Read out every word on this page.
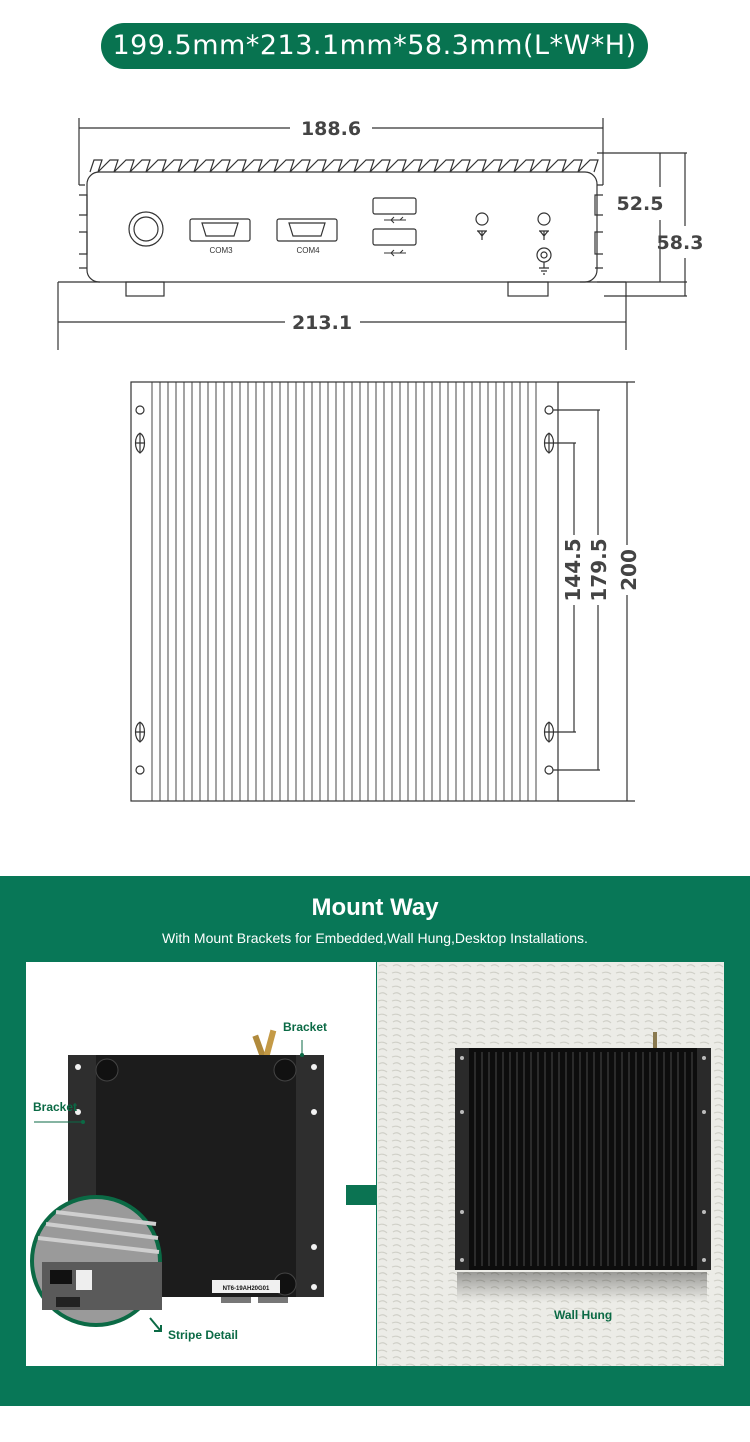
199.5mm*213.1mm*58.3mm(L*W*H)
188.6
213.1
52.5
58.3
COM3	COM4
144.5 179.5 200
Mount Way
With Mount Brackets for Embedded,Wall Hung,Desktop Installations.
NT6-19AH20G01
Bracket
Bracket
Stripe Detail
Wall Hung
